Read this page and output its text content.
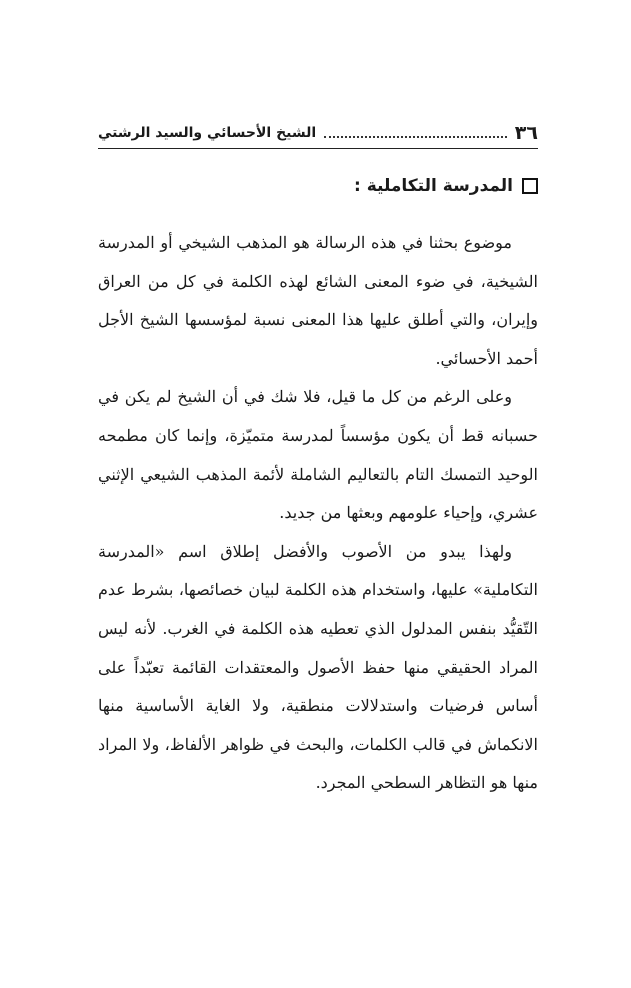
٣٦
الشيخ الأحسائي والسيد الرشتي
المدرسة التكاملية :

موضوع بحثنا في هذه الرسالة هو المذهب الشيخي أو المدرسة الشيخية، في ضوء المعنى الشائع لهذه الكلمة في كل من العراق وإيران، والتي أطلق عليها هذا المعنى نسبة لمؤسسها الشيخ الأجل أحمد الأحسائي.

وعلى الرغم من كل ما قيل، فلا شك في أن الشيخ لم يكن في حسبانه قط أن يكون مؤسساً لمدرسة متميّزة، وإنما كان مطمحه الوحيد التمسك التام بالتعاليم الشاملة لأئمة المذهب الشيعي الإثني عشري، وإحياء علومهم وبعثها من جديد.

ولهذا يبدو من الأصوب والأفضل إطلاق اسم «المدرسة التكاملية» عليها، واستخدام هذه الكلمة لبيان خصائصها، بشرط عدم التّقيُّد بنفس المدلول الذي تعطيه هذه الكلمة في الغرب. لأنه ليس المراد الحقيقي منها حفظ الأصول والمعتقدات القائمة تعبّداً على أساس فرضيات واستدلالات منطقية، ولا الغاية الأساسية منها الانكماش في قالب الكلمات، والبحث في ظواهر الألفاظ، ولا المراد منها هو التظاهر السطحي المجرد.
